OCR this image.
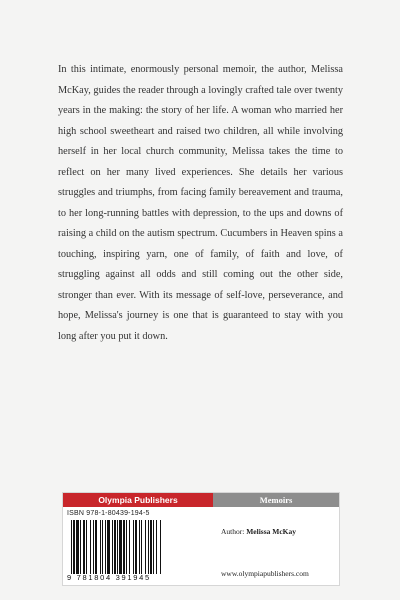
In this intimate, enormously personal memoir, the author, Melissa McKay, guides the reader through a lovingly crafted tale over twenty years in the making: the story of her life. A woman who married her high school sweetheart and raised two children, all while involving herself in her local church community, Melissa takes the time to reflect on her many lived experiences. She details her various struggles and triumphs, from facing family bereavement and trauma, to her long-running battles with depression, to the ups and downs of raising a child on the autism spectrum. Cucumbers in Heaven spins a touching, inspiring yarn, one of family, of faith and love, of struggling against all odds and still coming out the other side, stronger than ever. With its message of self-love, perseverance, and hope, Melissa's journey is one that is guaranteed to stay with you long after you put it down.

Olympia Publishers	Memoirs
ISBN 978-1-80439-194-5
9 781804 391945
Author: Melissa McKay
www.olympiapublishers.com
